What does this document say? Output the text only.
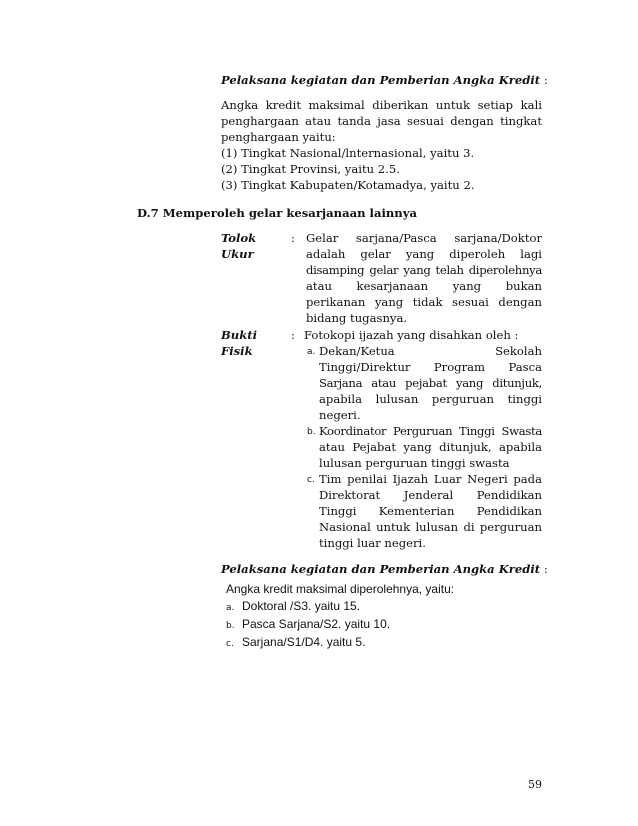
Pelaksana kegiatan dan Pemberian Angka Kredit :
Angka kredit maksimal diberikan untuk setiap kali
penghargaan atau tanda jasa sesuai dengan tingkat
penghargaan yaitu:
(1) Tingkat Nasional/lnternasional, yaitu 3.
(2) Tingkat Provinsi, yaitu 2.5.
(3) Tingkat Kabupaten/Kotamadya, yaitu 2.
D.7 Memperoleh gelar kesarjanaan lainnya
Tolok
Ukur
: Gelar sarjana/Pasca sarjana/Doktor
adalah gelar yang diperoleh lagi
disamping gelar yang telah diperolehnya
atau kesarjanaan yang bukan
perikanan yang tidak sesuai dengan
bidang tugasnya.
Bukti
Fisik
: Fotokopi ijazah yang disahkan oleh :
a. Dekan/Ketua Sekolah
Tinggi/Direktur Program Pasca
Sarjana atau pejabat yang ditunjuk,
apabila lulusan perguruan tinggi
negeri.
b. Koordinator Perguruan Tinggi Swasta
atau Pejabat yang ditunjuk, apabila
lulusan perguruan tinggi swasta
c. Tim penilai Ijazah Luar Negeri pada
Direktorat Jenderal Pendidikan
Tinggi Kementerian Pendidikan
Nasional untuk lulusan di perguruan
tinggi luar negeri.
Pelaksana kegiatan dan Pemberian Angka Kredit :
Angka kredit maksimal diperolehnya, yaitu:
a. Doktoral /S3. yaitu 15.
b. Pasca Sarjana/S2. yaitu 10.
c. Sarjana/S1/D4. yaitu 5.
59
